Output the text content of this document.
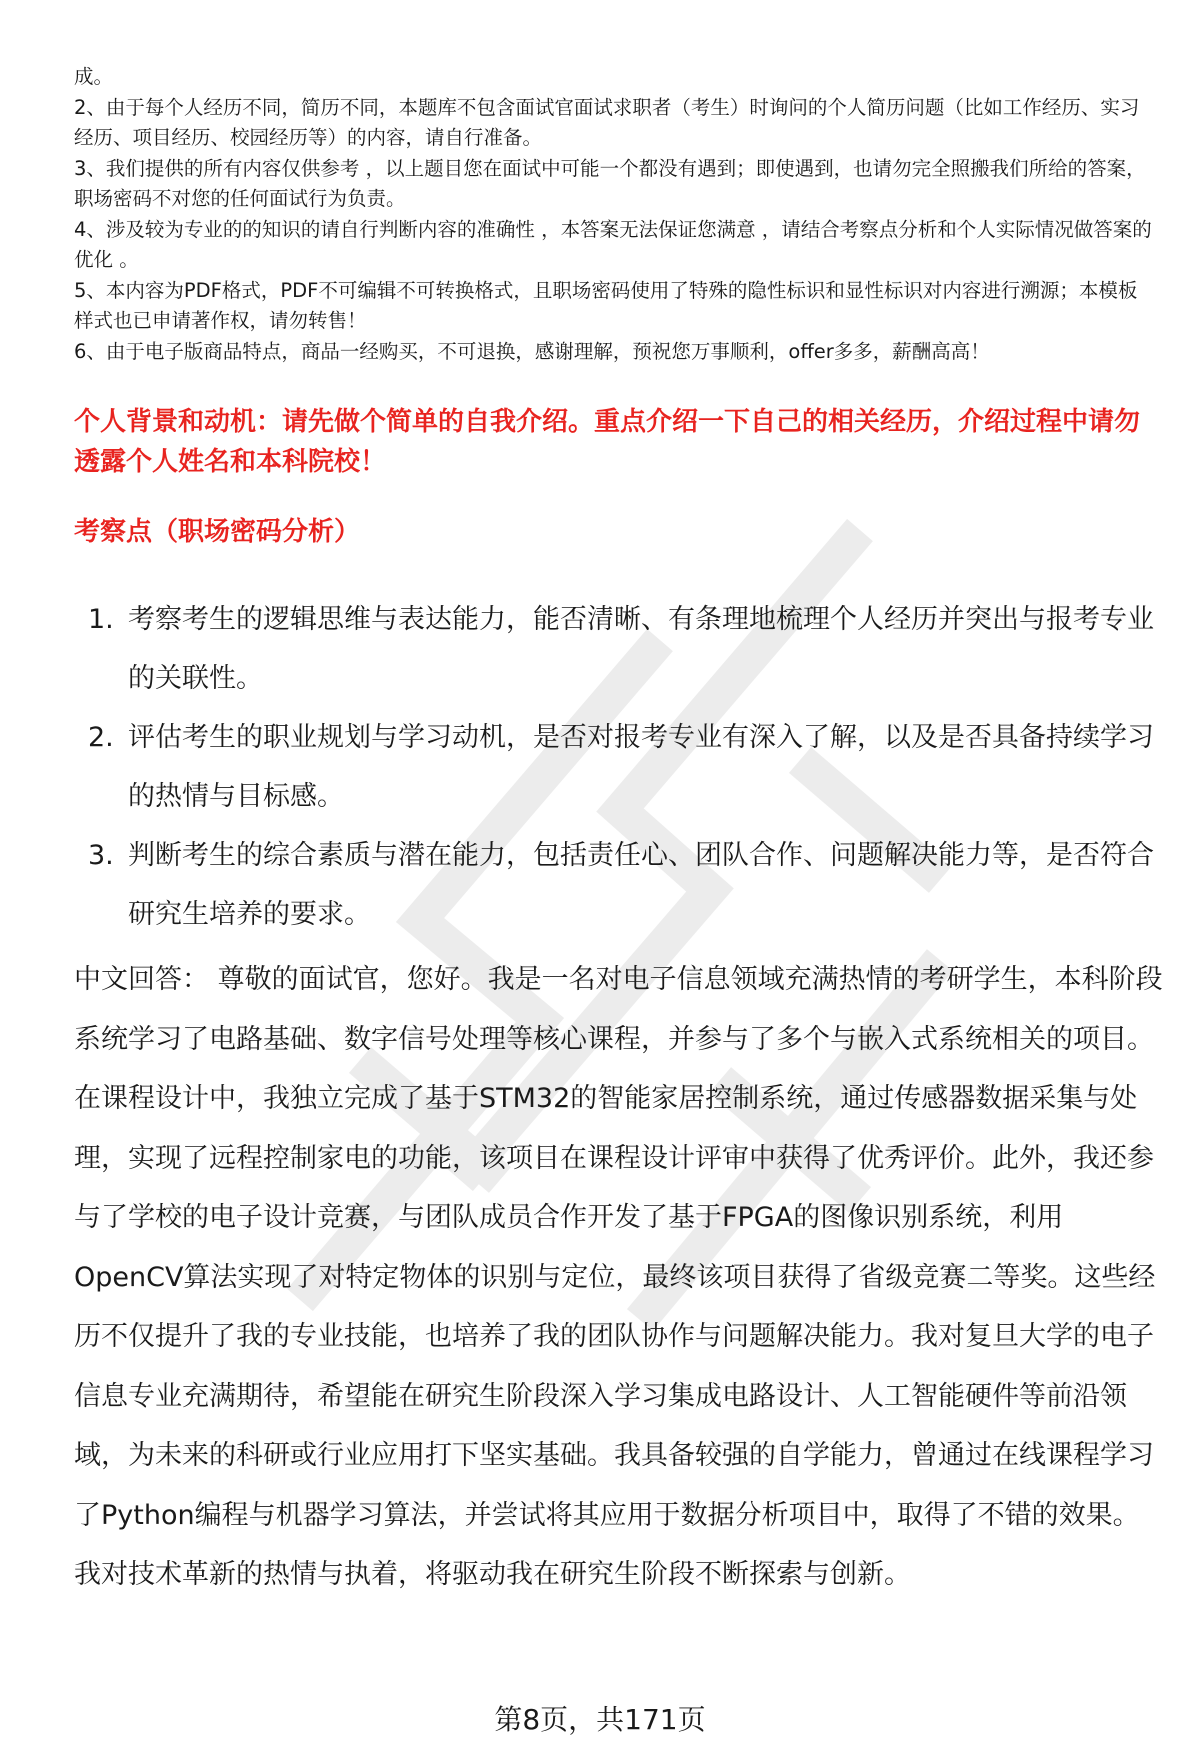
成。

2、由于每个人经历不同，简历不同，本题库不包含面试官面试求职者（考生）时询问的个人简历问题（比如工作经历、实习经历、项目经历、校园经历等）的内容，请自行准备。

3、我们提供的所有内容仅供参考 ，以上题目您在面试中可能一个都没有遇到；即使遇到，也请勿完全照搬我们所给的答案，职场密码不对您的任何面试行为负责。

4、涉及较为专业的的知识的请自行判断内容的准确性 ，本答案无法保证您满意 ，请结合考察点分析和个人实际情况做答案的优化 。

5、本内容为PDF格式，PDF不可编辑不可转换格式，且职场密码使用了特殊的隐性标识和显性标识对内容进行溯源；本模板样式也已申请著作权，请勿转售！

6、由于电子版商品特点，商品一经购买，不可退换，感谢理解，预祝您万事顺利，offer多多，薪酬高高！

个人背景和动机：请先做个简单的自我介绍。重点介绍一下自己的相关经历，介绍过程中请勿透露个人姓名和本科院校！
考察点（职场密码分析）
1. 考察考生的逻辑思维与表达能力，能否清晰、有条理地梳理个人经历并突出与报考专业的关联性。
2. 评估考生的职业规划与学习动机，是否对报考专业有深入了解，以及是否具备持续学习的热情与目标感。
3. 判断考生的综合素质与潜在能力，包括责任心、团队合作、问题解决能力等，是否符合研究生培养的要求。

中文回答： 尊敬的面试官，您好。我是一名对电子信息领域充满热情的考研学生，本科阶段系统学习了电路基础、数字信号处理等核心课程，并参与了多个与嵌入式系统相关的项目。在课程设计中，我独立完成了基于STM32的智能家居控制系统，通过传感器数据采集与处理，实现了远程控制家电的功能，该项目在课程设计评审中获得了优秀评价。此外，我还参与了学校的电子设计竞赛，与团队成员合作开发了基于FPGA的图像识别系统，利用OpenCV算法实现了对特定物体的识别与定位，最终该项目获得了省级竞赛二等奖。这些经历不仅提升了我的专业技能，也培养了我的团队协作与问题解决能力。我对复旦大学的电子信息专业充满期待，希望能在研究生阶段深入学习集成电路设计、人工智能硬件等前沿领域，为未来的科研或行业应用打下坚实基础。我具备较强的自学能力，曾通过在线课程学习了Python编程与机器学习算法，并尝试将其应用于数据分析项目中，取得了不错的效果。我对技术革新的热情与执着，将驱动我在研究生阶段不断探索与创新。

第8页，共171页
